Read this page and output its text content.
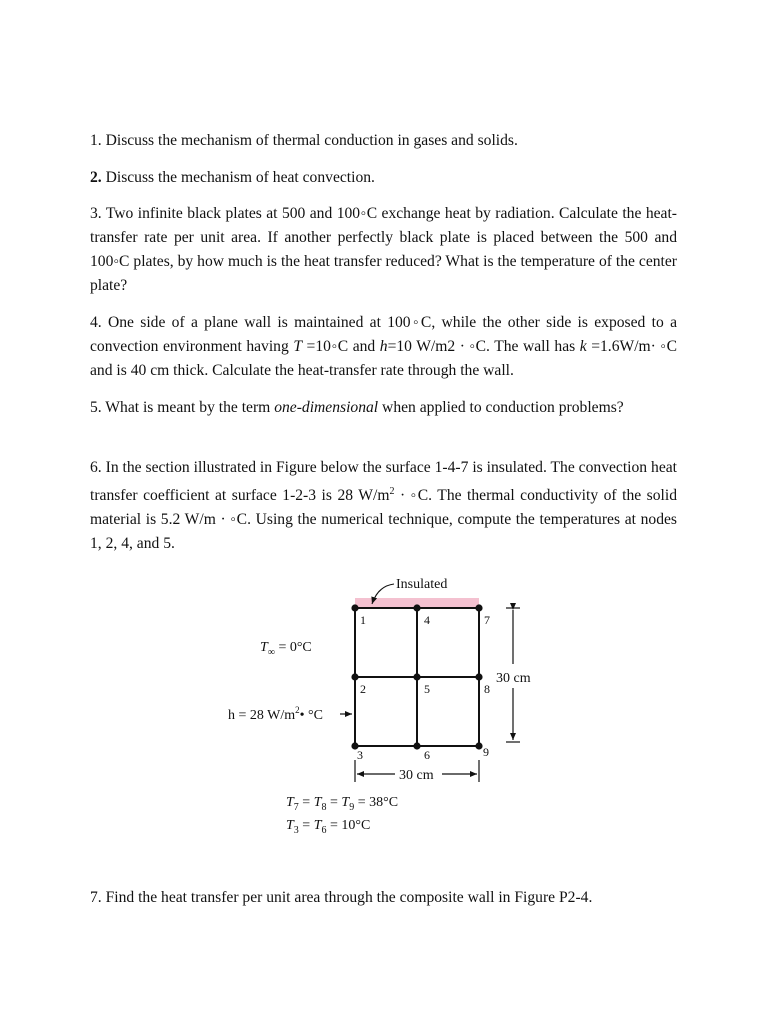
1. Discuss the mechanism of thermal conduction in gases and solids.

2. Discuss the mechanism of heat convection.

3. Two infinite black plates at 500 and 100◦C exchange heat by radiation. Calculate the heat-transfer rate per unit area. If another perfectly black plate is placed between the 500 and 100◦C plates, by how much is the heat transfer reduced? What is the temperature of the center plate?

4. One side of a plane wall is maintained at 100◦C, while the other side is exposed to a convection environment having T =10◦C and h=10 W/m2 · ◦C. The wall has k =1.6W/m· ◦C and is 40 cm thick. Calculate the heat-transfer rate through the wall.

5. What is meant by the term one-dimensional when applied to conduction problems?

6. In the section illustrated in Figure below the surface 1-4-7 is insulated. The convection heat transfer coefficient at surface 1-2-3 is 28 $W/m^2$ · ◦C. The thermal conductivity of the solid material is 5.2 W/m · ◦C. Using the numerical technique, compute the temperatures at nodes 1, 2, 4, and 5.

Insulated
1
2
3
4
5
6
7
8
9
$T_\infty = 0^\circ C$
h = 28 $W/m^2•$ °C
30 cm
30 cm
$T_7 = T_8 = T_9 = 38^\circ C$
$T_3 = T_6 = 10^\circ C$

7. Find the heat transfer per unit area through the composite wall in Figure P2-4.
